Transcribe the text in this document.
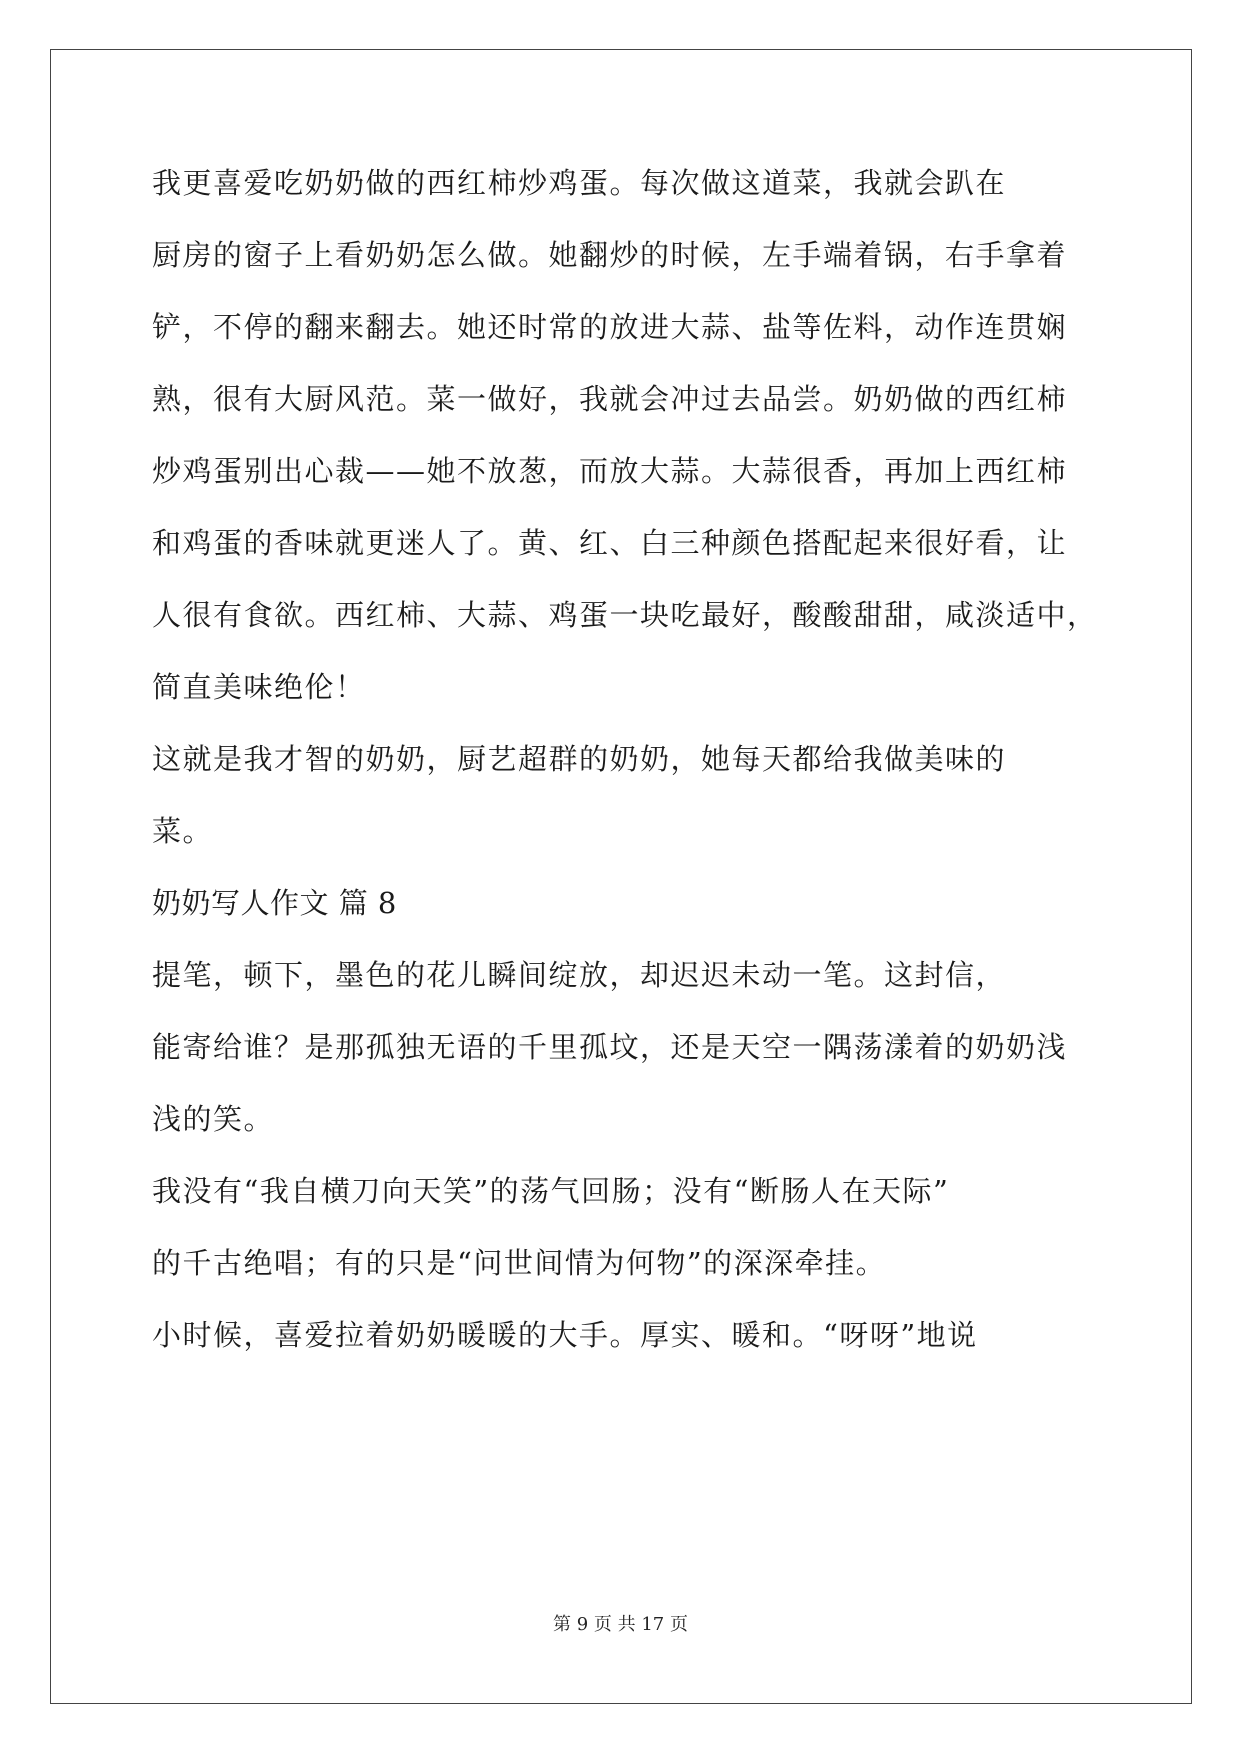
我更喜爱吃奶奶做的西红柿炒鸡蛋。每次做这道菜，我就会趴在
厨房的窗子上看奶奶怎么做。她翻炒的时候，左手端着锅，右手拿着
铲，不停的翻来翻去。她还时常的放进大蒜、盐等佐料，动作连贯娴
熟，很有大厨风范。菜一做好，我就会冲过去品尝。奶奶做的西红柿
炒鸡蛋别出心裁——她不放葱，而放大蒜。大蒜很香，再加上西红柿
和鸡蛋的香味就更迷人了。黄、红、白三种颜色搭配起来很好看，让
人很有食欲。西红柿、大蒜、鸡蛋一块吃最好，酸酸甜甜，咸淡适中，
简直美味绝伦！
这就是我才智的奶奶，厨艺超群的奶奶，她每天都给我做美味的
菜。
奶奶写人作文 篇 8
提笔，顿下，墨色的花儿瞬间绽放，却迟迟未动一笔。这封信，
能寄给谁？是那孤独无语的千里孤坟，还是天空一隅荡漾着的奶奶浅
浅的笑。
我没有“我自横刀向天笑”的荡气回肠；没有“断肠人在天际”
的千古绝唱；有的只是“问世间情为何物”的深深牵挂。
小时候，喜爱拉着奶奶暖暖的大手。厚实、暖和。“呀呀”地说
第 9 页 共 17 页
